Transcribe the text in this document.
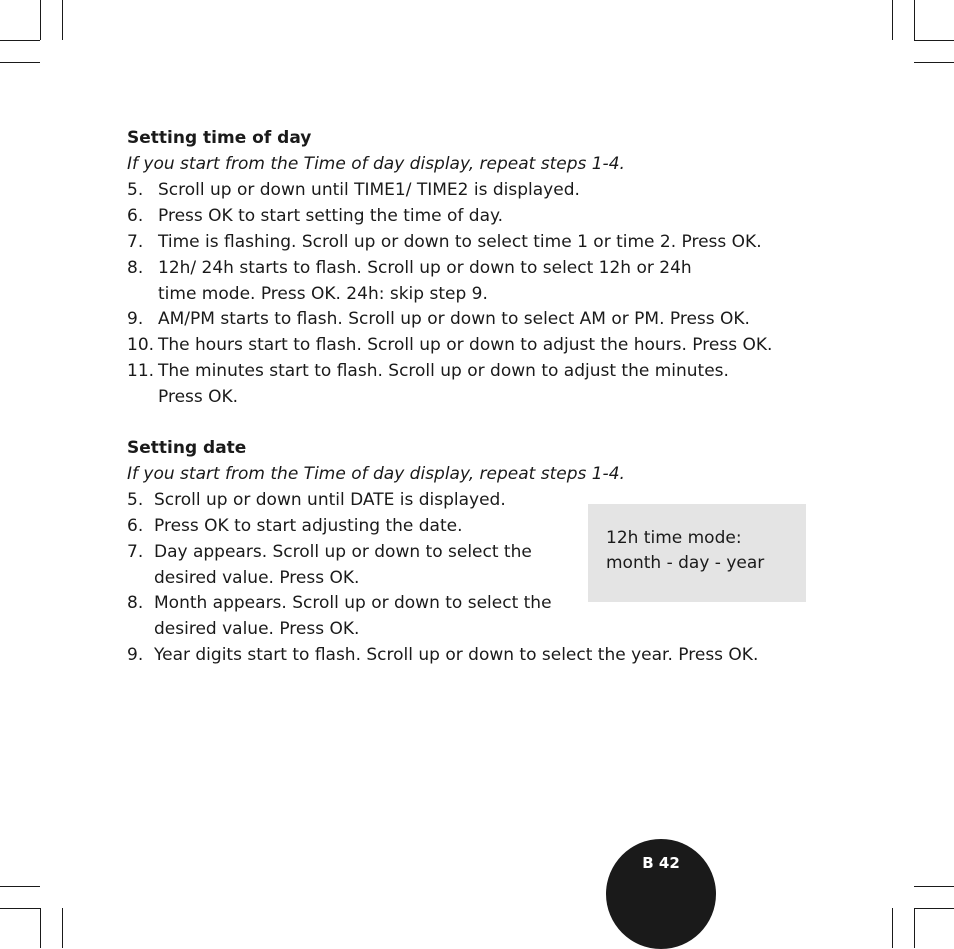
Setting time of day

If you start from the Time of day display, repeat steps 1-4.

5. Scroll up or down until TIME1/ TIME2 is displayed.
6. Press OK to start setting the time of day.
7. Time is flashing. Scroll up or down to select time 1 or time 2. Press OK.
8. 12h/ 24h starts to flash. Scroll up or down to select 12h or 24h
time mode. Press OK. 24h: skip step 9.
9. AM/PM starts to flash. Scroll up or down to select AM or PM. Press OK.
10. The hours start to flash. Scroll up or down to adjust the hours. Press OK.
11. The minutes start to flash. Scroll up or down to adjust the minutes.
Press OK.
Setting date

If you start from the Time of day display, repeat steps 1-4.

5. Scroll up or down until DATE is displayed.
6. Press OK to start adjusting the date.
7. Day appears. Scroll up or down to select the
desired value. Press OK.
8. Month appears. Scroll up or down to select the
desired value. Press OK.
9. Year digits start to flash. Scroll up or down to select the year. Press OK.
12h time mode:
month - day - year
B 42
